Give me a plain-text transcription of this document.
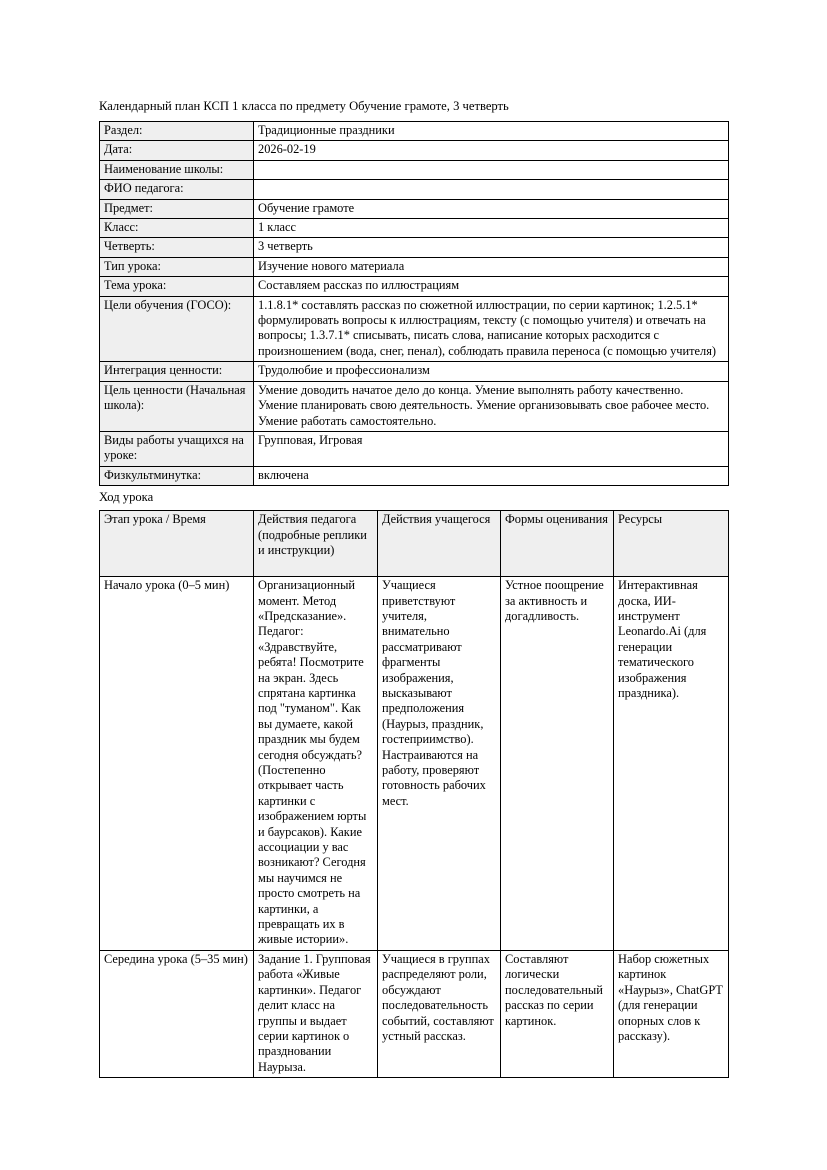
Календарный план КСП 1 класса по предмету Обучение грамоте, 3 четверть
Раздел:	Традиционные праздники
Дата:	2026-02-19
Наименование школы:	
ФИО педагога:	
Предмет:	Обучение грамоте
Класс:	1 класс
Четверть:	3 четверть
Тип урока:	Изучение нового материала
Тема урока:	Составляем рассказ по иллюстрациям
Цели обучения (ГОСО):	1.1.8.1* составлять рассказ по сюжетной иллюстрации, по серии картинок; 1.2.5.1* формулировать вопросы к иллюстрациям, тексту (с помощью учителя) и отвечать на вопросы; 1.3.7.1* списывать, писать слова, написание которых расходится с произношением (вода, снег, пенал), соблюдать правила переноса (с помощью учителя)
Интеграция ценности:	Трудолюбие и профессионализм
Цель ценности (Начальная школа):	Умение доводить начатое дело до конца. Умение выполнять работу качественно. Умение планировать свою деятельность. Умение организовывать свое рабочее место. Умение работать самостоятельно.
Виды работы учащихся на уроке:	Групповая, Игровая
Физкультминутка:	включена
Ход урока
Этап урока / Время	Действия педагога (подробные реплики и инструкции)	Действия учащегося	Формы оценивания	Ресурсы
Начало урока (0–5 мин)	Организационный момент. Метод «Предсказание». Педагог: «Здравствуйте, ребята! Посмотрите на экран. Здесь спрятана картинка под "туманом". Как вы думаете, какой праздник мы будем сегодня обсуждать? (Постепенно открывает часть картинки с изображением юрты и баурсаков). Какие ассоциации у вас возникают? Сегодня мы научимся не просто смотреть на картинки, а превращать их в живые истории».	Учащиеся приветствуют учителя, внимательно рассматривают фрагменты изображения, высказывают предположения (Наурыз, праздник, гостеприимство). Настраиваются на работу, проверяют готовность рабочих мест.	Устное поощрение за активность и догадливость.	Интерактивная доска, ИИ-инструмент Leonardo.Ai (для генерации тематического изображения праздника).
Середина урока (5–35 мин)	Задание 1. Групповая работа «Живые картинки». Педагог делит класс на группы и выдает серии картинок о праздновании Наурыза.	Учащиеся в группах распределяют роли, обсуждают последовательность событий, составляют устный рассказ.	Составляют логически последовательный рассказ по серии картинок.	Набор сюжетных картинок «Наурыз», ChatGPT (для генерации опорных слов к рассказу).
